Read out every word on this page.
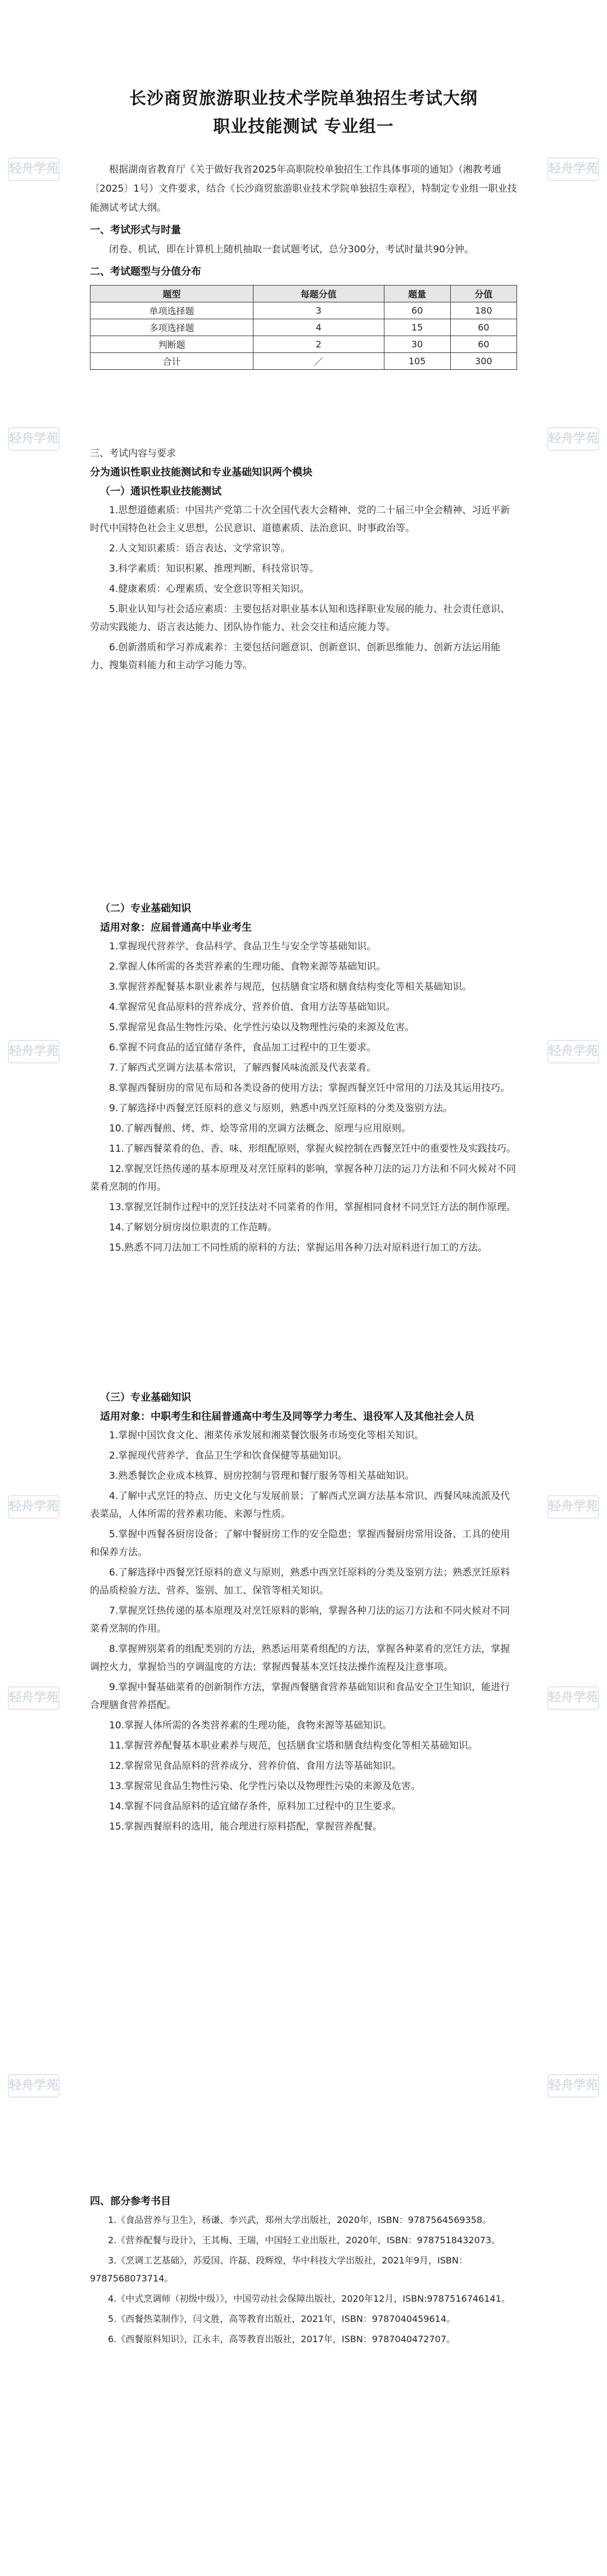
轻舟学苑	轻舟学苑
轻舟学苑	轻舟学苑
轻舟学苑	轻舟学苑
轻舟学苑	轻舟学苑
轻舟学苑	轻舟学苑
轻舟学苑	轻舟学苑
长沙商贸旅游职业技术学院单独招生考试大纲
职业技能测试 专业组一

根据湖南省教育厅《关于做好我省2025年高职院校单独招生工作具体事项的通知》（湘教考通〔2025〕1号）文件要求，结合《长沙商贸旅游职业技术学院单独招生章程》，特制定专业组一职业技能测试考试大纲。

一、考试形式与时量

闭卷、机试，即在计算机上随机抽取一套试题考试，总分300分，考试时量共90分钟。

二、考试题型与分值分布

题型	每题分值	题量	分值
单项选择题	3	60	180
多项选择题	4	15	60
判断题	2	30	60
合计	／	105	300

三、考试内容与要求

分为通识性职业技能测试和专业基础知识两个模块

（一）通识性职业技能测试

1.思想道德素质：中国共产党第二十次全国代表大会精神、党的二十届三中全会精神、习近平新时代中国特色社会主义思想，公民意识、道德素质、法治意识、时事政治等。

2.人文知识素质：语言表达、文学常识等。

3.科学素质：知识积累、推理判断、科技常识等。

4.健康素质：心理素质、安全意识等相关知识。

5.职业认知与社会适应素质：主要包括对职业基本认知和选择职业发展的能力、社会责任意识、劳动实践能力、语言表达能力、团队协作能力、社会交往和适应能力等。

6.创新潜质和学习养成素养：主要包括问题意识、创新意识、创新思维能力、创新方法运用能力、搜集资料能力和主动学习能力等。

（二）专业基础知识

适用对象：应届普通高中毕业考生

1.掌握现代营养学、食品科学、食品卫生与安全学等基础知识。

2.掌握人体所需的各类营养素的生理功能、食物来源等基础知识。

3.掌握营养配餐基本职业素养与规范，包括膳食宝塔和膳食结构变化等相关基础知识。

4.掌握常见食品原料的营养成分、营养价值、食用方法等基础知识。

5.掌握常见食品生物性污染、化学性污染以及物理性污染的来源及危害。

6.掌握不同食品的适宜储存条件，食品加工过程中的卫生要求。

7.了解西式烹调方法基本常识，了解西餐风味流派及代表菜肴。

8.掌握西餐厨房的常见布局和各类设备的使用方法；掌握西餐烹饪中常用的刀法及其运用技巧。

9.了解选择中西餐烹饪原料的意义与原则，熟悉中西烹饪原料的分类及鉴别方法。

10.了解西餐煎、烤、炸、烩等常用的烹调方法概念、原理与应用原则。

11.了解西餐菜肴的色、香、味、形组配原则，掌握火候控制在西餐烹饪中的重要性及实践技巧。

12.掌握烹饪热传递的基本原理及对烹饪原料的影响，掌握各种刀法的运刀方法和不同火候对不同菜肴烹制的作用。

13.掌握烹饪制作过程中的烹饪技法对不同菜肴的作用，掌握相同食材不同烹饪方法的制作原理。

14.了解划分厨房岗位职责的工作范畴。

15.熟悉不同刀法加工不同性质的原料的方法；掌握运用各种刀法对原料进行加工的方法。

（三）专业基础知识

适用对象：中职考生和往届普通高中考生及同等学力考生、退役军人及其他社会人员

1.掌握中国饮食文化、湘菜传承发展和湘菜餐饮服务市场变化等相关知识。

2.掌握现代营养学、食品卫生学和饮食保健等基础知识。

3.熟悉餐饮企业成本核算、厨房控制与管理和餐厅服务等相关基础知识。

4.了解中式烹饪的特点、历史文化与发展前景；了解西式烹调方法基本常识、西餐风味流派及代表菜品，人体所需的营养素功能、来源与性质。

5.掌握中西餐各厨房设备；了解中餐厨房工作的安全隐患；掌握西餐厨房常用设备、工具的使用和保养方法。

6.了解选择中西餐烹饪原料的意义与原则，熟悉中西烹饪原料的分类及鉴别方法；熟悉烹饪原料的品质检验方法、营养、鉴别、加工、保管等相关知识。

7.掌握烹饪热传递的基本原理及对烹饪原料的影响，掌握各种刀法的运刀方法和不同火候对不同菜肴烹制的作用。

8.掌握辨别菜肴的组配类别的方法，熟悉运用菜肴组配的方法，掌握各种菜肴的烹饪方法，掌握调控火力，掌握恰当的亨调温度的方法；掌握西餐基本烹饪技法操作流程及注意事项。

9.掌握中餐基础菜肴的创新制作方法，掌握西餐膳食营养基础知识和食品安全卫生知识，能进行合理膳食营养搭配。

10.掌握人体所需的各类营养素的生理功能，食物来源等基础知识。

11.掌握营养配餐基本职业素养与规范，包括膳食宝塔和膳食结构变化等相关基础知识。

12.掌握常见食品原料的营养成分、营养价值、食用方法等基础知识。

13.掌握常见食品生物性污染、化学性污染以及物理性污染的来源及危害。

14.掌握不同食品原料的适宜储存条件，原料加工过程中的卫生要求。

15.掌握西餐原料的选用，能合理进行原料搭配，掌握营养配餐。

四、部分参考书目

1.《食品营养与卫生》，杨谦、李兴武，郑州大学出版社，2020年，ISBN：9787564569358。

2.《营养配餐与设计》，王其梅、王瑞，中国轻工业出版社，2020年，ISBN：9787518432073。

3.《烹调工艺基础》，苏爱国、许磊、段辉煌，华中科技大学出版社，2021年9月，ISBN：9787568073714。

4.《中式烹调师（初级中级）》，中国劳动社会保障出版社，2020年12月，ISBN:9787516746141。

5.《西餐热菜制作》，闫文胜，高等教育出版社，2021年，ISBN：9787040459614。

6.《西餐原料知识》，江永丰，高等教育出版社，2017年，ISBN：9787040472707。
